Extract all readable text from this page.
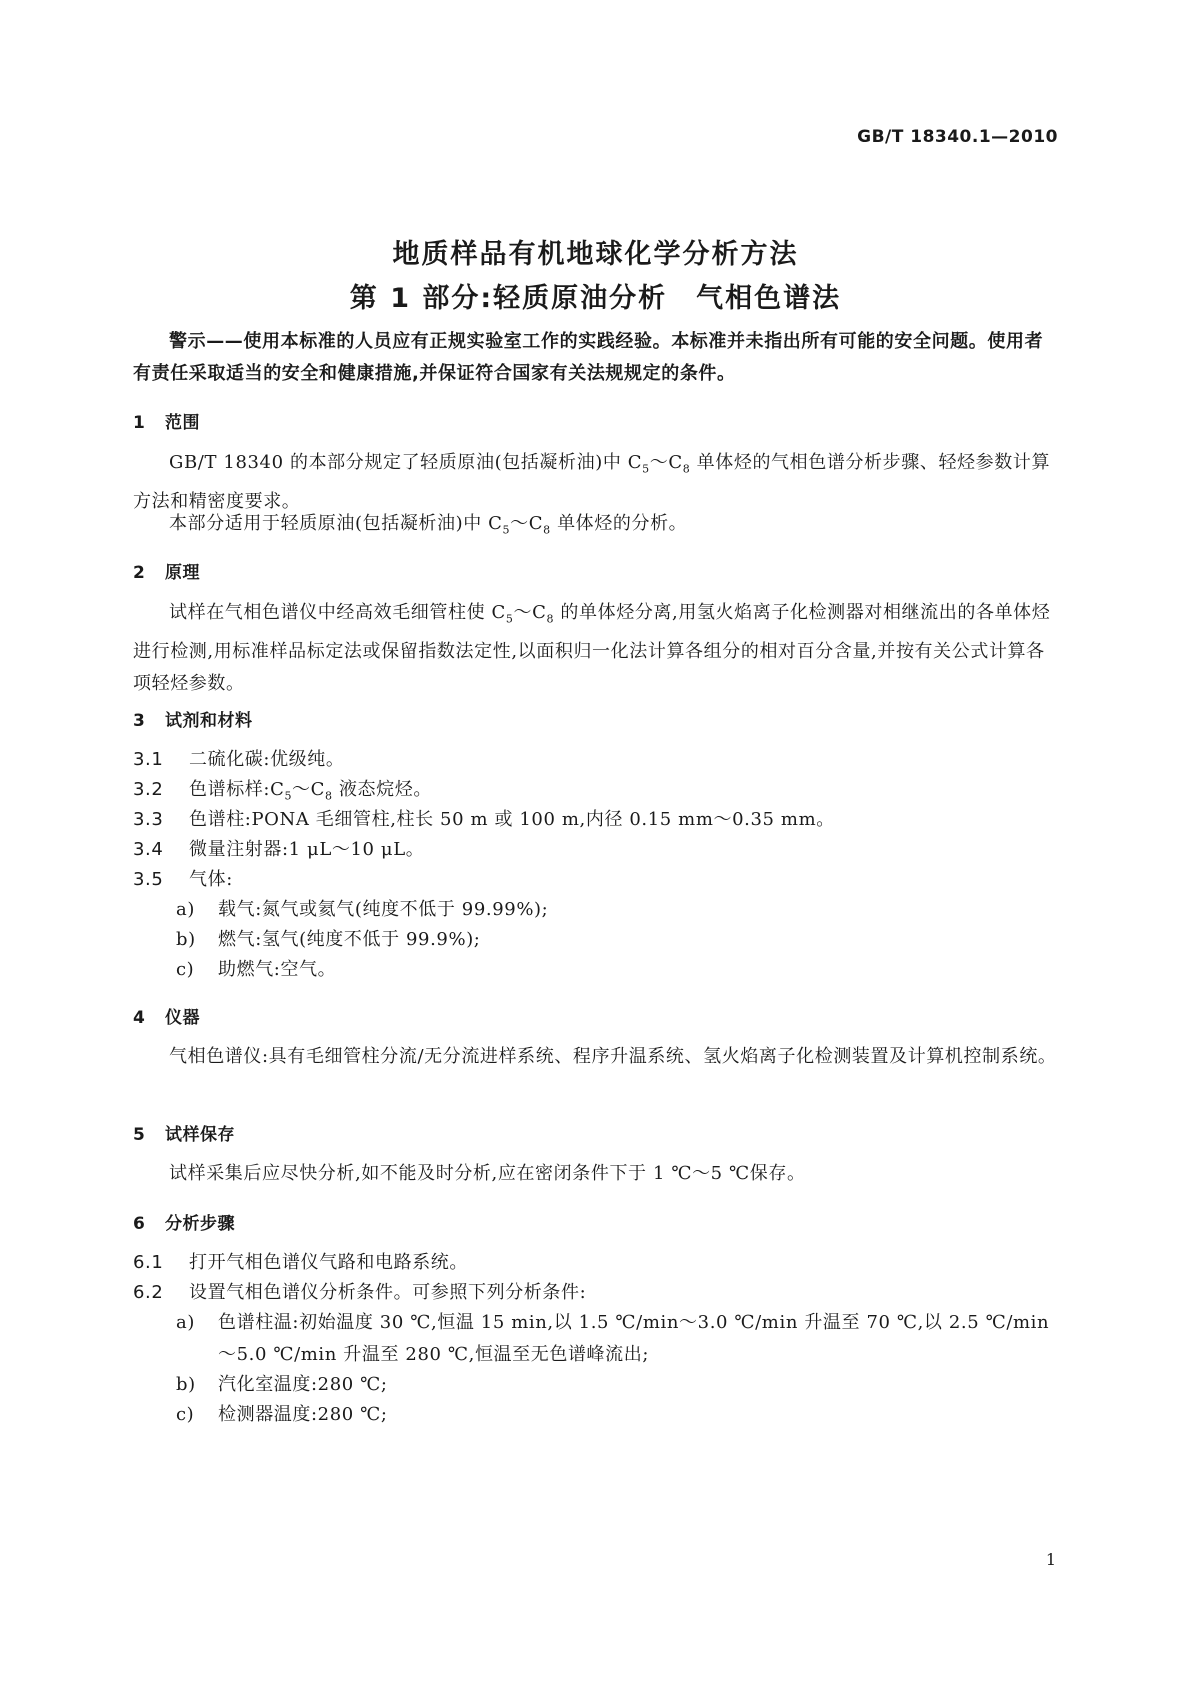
GB/T 18340.1—2010
地质样品有机地球化学分析方法
第 1 部分:轻质原油分析　气相色谱法
警示——使用本标准的人员应有正规实验室工作的实践经验。本标准并未指出所有可能的安全问题。使用者有责任采取适当的安全和健康措施,并保证符合国家有关法规规定的条件。
1 范围
GB/T 18340 的本部分规定了轻质原油(包括凝析油)中 $C_5\sim C_8$ 单体烃的气相色谱分析步骤、轻烃参数计算方法和精密度要求。
本部分适用于轻质原油(包括凝析油)中 $C_5\sim C_8$ 单体烃的分析。
2 原理
试样在气相色谱仪中经高效毛细管柱使 $C_5\sim C_8$ 的单体烃分离,用氢火焰离子化检测器对相继流出的各单体烃进行检测,用标准样品标定法或保留指数法定性,以面积归一化法计算各组分的相对百分含量,并按有关公式计算各项轻烃参数。
3 试剂和材料
3.1 二硫化碳:优级纯。
3.2 色谱标样$:C_5\sim C_8$ 液态烷烃。
3.3 色谱柱:PONA 毛细管柱,柱长 50 m 或 100 m,内径 0.15 mm～0.35 mm。
3.4 微量注射器:1 μL～10 μL。
3.5 气体:
a) 载气:氮气或氦气(纯度不低于 99.99%);
b) 燃气:氢气(纯度不低于 99.9%);
c) 助燃气:空气。
4 仪器
气相色谱仪:具有毛细管柱分流/无分流进样系统、程序升温系统、氢火焰离子化检测装置及计算机控制系统。
5 试样保存
试样采集后应尽快分析,如不能及时分析,应在密闭条件下于 1 ℃～5 ℃保存。
6 分析步骤
6.1 打开气相色谱仪气路和电路系统。
6.2 设置气相色谱仪分析条件。可参照下列分析条件:
a) 色谱柱温:初始温度 30 ℃,恒温 15 min,以 1.5 ℃/min～3.0 ℃/min 升温至 70 ℃,以 2.5 ℃/min～5.0 ℃/min 升温至 280 ℃,恒温至无色谱峰流出;
b) 汽化室温度:280 ℃;
c) 检测器温度:280 ℃;
1
